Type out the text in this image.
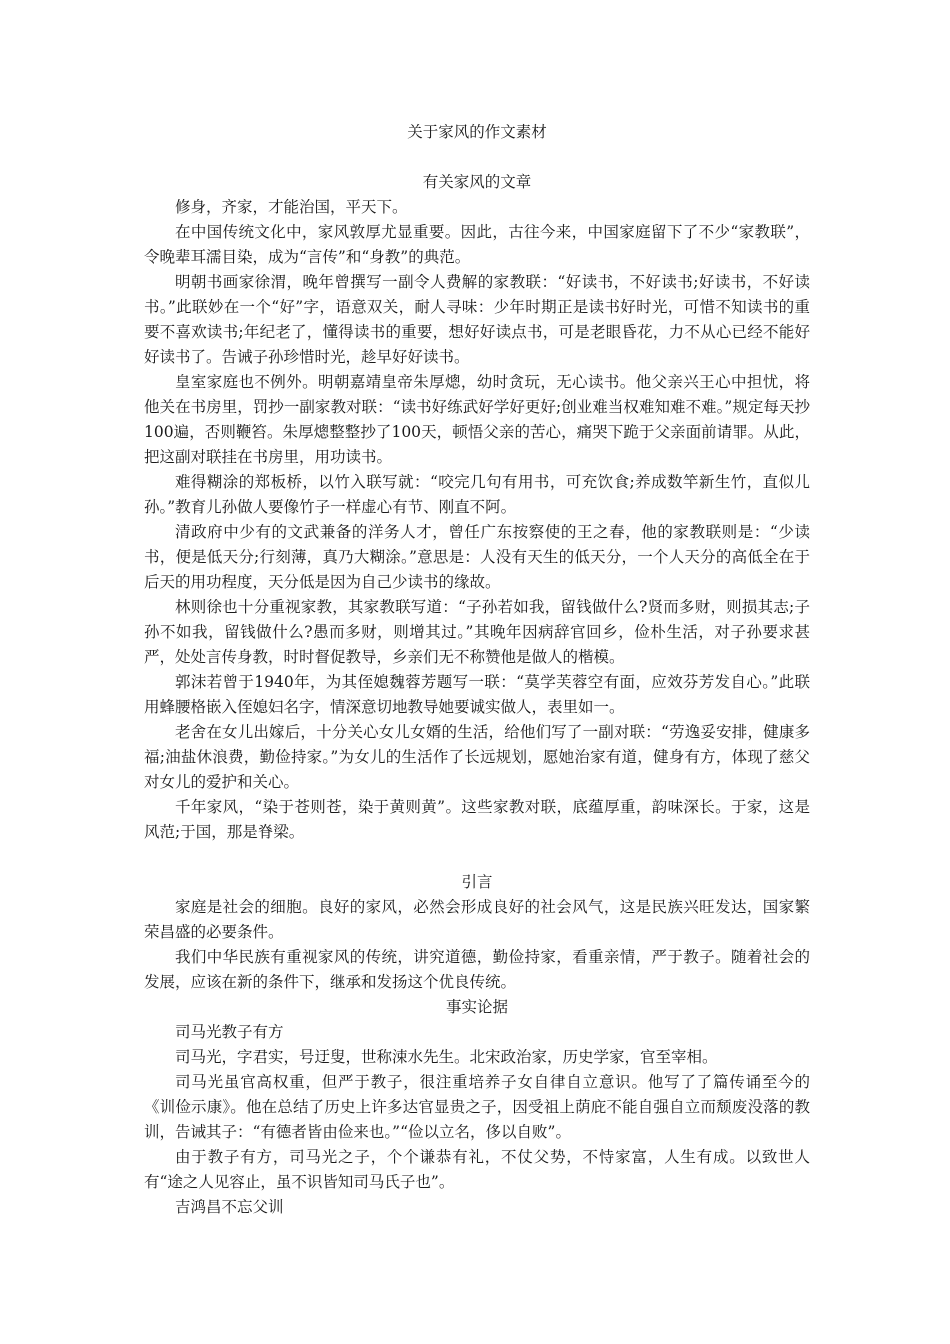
关于家风的作文素材
有关家风的文章

修身，齐家，才能治国，平天下。

在中国传统文化中，家风敦厚尤显重要。因此，古往今来，中国家庭留下了不少“家教联”，令晚辈耳濡目染，成为“言传”和“身教”的典范。

明朝书画家徐渭，晚年曾撰写一副令人费解的家教联：“好读书，不好读书;好读书，不好读书。”此联妙在一个“好”字，语意双关，耐人寻味：少年时期正是读书好时光，可惜不知读书的重要不喜欢读书;年纪老了，懂得读书的重要，想好好读点书，可是老眼昏花，力不从心已经不能好好读书了。告诫子孙珍惜时光，趁早好好读书。

皇室家庭也不例外。明朝嘉靖皇帝朱厚熜，幼时贪玩，无心读书。他父亲兴王心中担忧，将他关在书房里，罚抄一副家教对联：“读书好练武好学好更好;创业难当权难知难不难。”规定每天抄100遍，否则鞭笞。朱厚熜整整抄了100天，顿悟父亲的苦心，痛哭下跪于父亲面前请罪。从此，把这副对联挂在书房里，用功读书。

难得糊涂的郑板桥，以竹入联写就：“咬完几句有用书，可充饮食;养成数竿新生竹，直似儿孙。”教育儿孙做人要像竹子一样虚心有节、刚直不阿。

清政府中少有的文武兼备的洋务人才，曾任广东按察使的王之春，他的家教联则是：“少读书，便是低天分;行刻薄，真乃大糊涂。”意思是：人没有天生的低天分，一个人天分的高低全在于后天的用功程度，天分低是因为自己少读书的缘故。

林则徐也十分重视家教，其家教联写道：“子孙若如我，留钱做什么?贤而多财，则损其志;子孙不如我，留钱做什么?愚而多财，则增其过。”其晚年因病辞官回乡，俭朴生活，对子孙要求甚严，处处言传身教，时时督促教导，乡亲们无不称赞他是做人的楷模。

郭沫若曾于1940年，为其侄媳魏蓉芳题写一联：“莫学芙蓉空有面，应效芬芳发自心。”此联用蜂腰格嵌入侄媳妇名字，情深意切地教导她要诚实做人，表里如一。

老舍在女儿出嫁后，十分关心女儿女婿的生活，给他们写了一副对联：“劳逸妥安排，健康多福;油盐休浪费，勤俭持家。”为女儿的生活作了长远规划，愿她治家有道，健身有方，体现了慈父对女儿的爱护和关心。

千年家风，“染于苍则苍，染于黄则黄”。这些家教对联，底蕴厚重，韵味深长。于家，这是风范;于国，那是脊梁。

引言

家庭是社会的细胞。良好的家风，必然会形成良好的社会风气，这是民族兴旺发达，国家繁荣昌盛的必要条件。

我们中华民族有重视家风的传统，讲究道德，勤俭持家，看重亲情，严于教子。随着社会的发展，应该在新的条件下，继承和发扬这个优良传统。

事实论据

司马光教子有方

司马光，字君实，号迂叟，世称涑水先生。北宋政治家，历史学家，官至宰相。

司马光虽官高权重，但严于教子，很注重培养子女自律自立意识。他写了了篇传诵至今的《训俭示康》。他在总结了历史上许多达官显贵之子，因受祖上荫庇不能自强自立而颓废没落的教训，告诫其子：“有德者皆由俭来也。”“俭以立名，侈以自败”。

由于教子有方，司马光之子，个个谦恭有礼，不仗父势，不恃家富，人生有成。以致世人有“途之人见容止，虽不识皆知司马氏子也”。

吉鸿昌不忘父训
